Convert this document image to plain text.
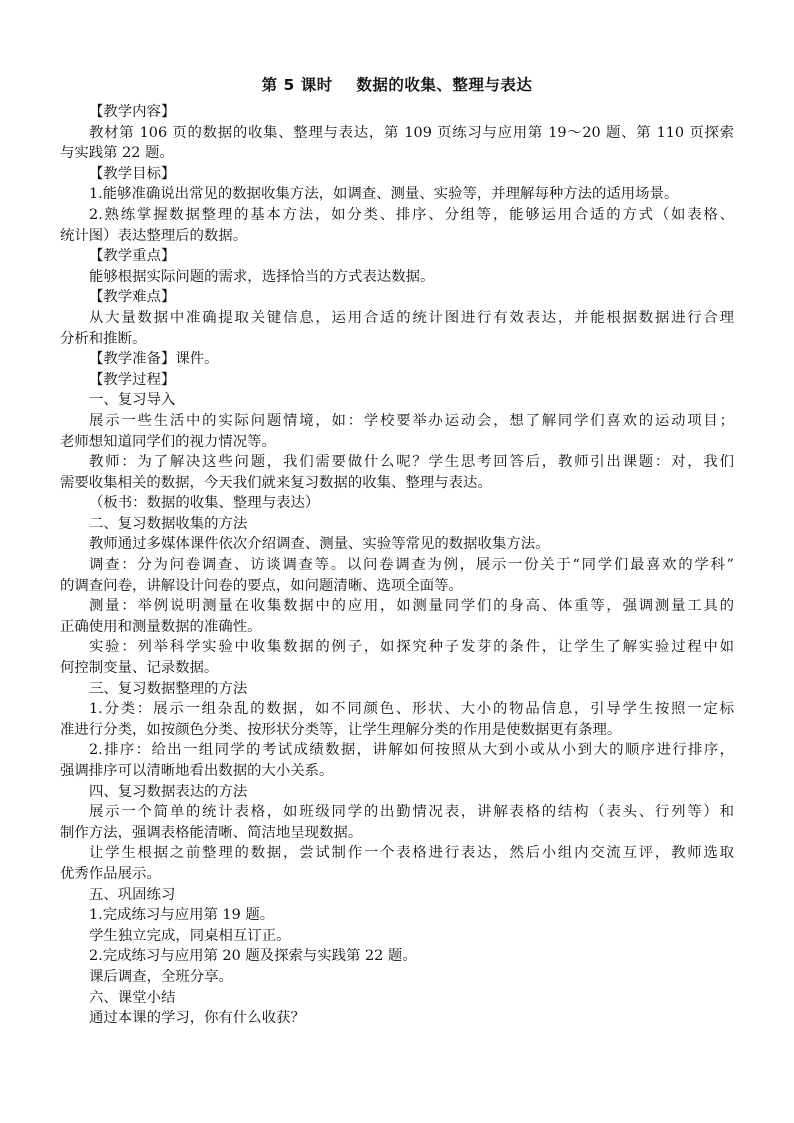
第 5 课时    数据的收集、整理与表达
【教学内容】
教材第 106 页的数据的收集、整理与表达，第 109 页练习与应用第 19～20 题、第 110 页探索
与实践第 22 题。
【教学目标】
1.能够准确说出常见的数据收集方法，如调查、测量、实验等，并理解每种方法的适用场景。
2.熟练掌握数据整理的基本方法，如分类、排序、分组等，能够运用合适的方式（如表格、
统计图）表达整理后的数据。
【教学重点】
能够根据实际问题的需求，选择恰当的方式表达数据。
【教学难点】
从大量数据中准确提取关键信息，运用合适的统计图进行有效表达，并能根据数据进行合理
分析和推断。
【教学准备】课件。
【教学过程】
一、复习导入
展示一些生活中的实际问题情境，如：学校要举办运动会，想了解同学们喜欢的运动项目；
老师想知道同学们的视力情况等。
教师：为了解决这些问题，我们需要做什么呢？学生思考回答后，教师引出课题：对，我们
需要收集相关的数据，今天我们就来复习数据的收集、整理与表达。
（板书：数据的收集、整理与表达）
二、复习数据收集的方法
教师通过多媒体课件依次介绍调查、测量、实验等常见的数据收集方法。
调查：分为问卷调查、访谈调查等。以问卷调查为例，展示一份关于“同学们最喜欢的学科”
的调查问卷，讲解设计问卷的要点，如问题清晰、选项全面等。
测量：举例说明测量在收集数据中的应用，如测量同学们的身高、体重等，强调测量工具的
正确使用和测量数据的准确性。
实验：列举科学实验中收集数据的例子，如探究种子发芽的条件，让学生了解实验过程中如
何控制变量、记录数据。
三、复习数据整理的方法
1.分类：展示一组杂乱的数据，如不同颜色、形状、大小的物品信息，引导学生按照一定标
准进行分类，如按颜色分类、按形状分类等，让学生理解分类的作用是使数据更有条理。
2.排序：给出一组同学的考试成绩数据，讲解如何按照从大到小或从小到大的顺序进行排序，
强调排序可以清晰地看出数据的大小关系。
四、复习数据表达的方法
展示一个简单的统计表格，如班级同学的出勤情况表，讲解表格的结构（表头、行列等）和
制作方法，强调表格能清晰、简洁地呈现数据。
让学生根据之前整理的数据，尝试制作一个表格进行表达，然后小组内交流互评，教师选取
优秀作品展示。
五、巩固练习
1.完成练习与应用第 19 题。
学生独立完成，同桌相互订正。
2.完成练习与应用第 20 题及探索与实践第 22 题。
课后调查，全班分享。
六、课堂小结
通过本课的学习，你有什么收获？
